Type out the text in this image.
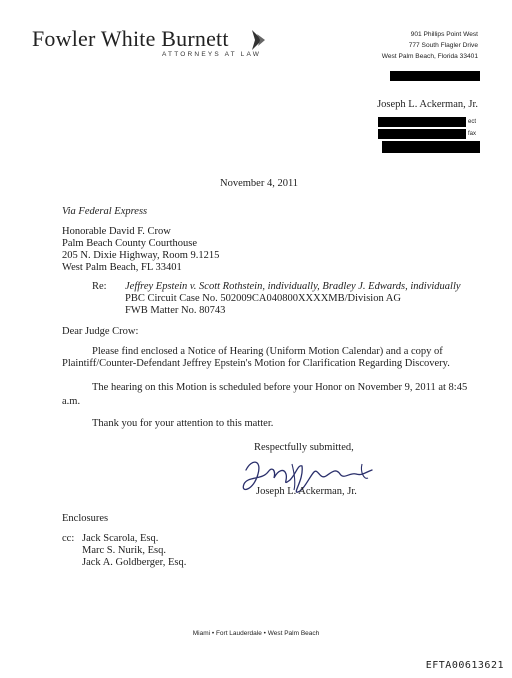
Fowler White Burnett
ATTORNEYS AT LAW
901 Phillips Point West
777 South Flagler Drive
West Palm Beach, Florida 33401
Joseph L. Ackerman, Jr.
ect
fax
November 4, 2011
Via Federal Express
Honorable David F. Crow
Palm Beach County Courthouse
205 N. Dixie Highway, Room 9.1215
West Palm Beach, FL 33401
Re: Jeffrey Epstein v. Scott Rothstein, individually, Bradley J. Edwards, individually
PBC Circuit Case No. 502009CA040800XXXXMB/Division AG
FWB Matter No. 80743
Dear Judge Crow:
Please find enclosed a Notice of Hearing (Uniform Motion Calendar) and a copy of
Plaintiff/Counter-Defendant Jeffrey Epstein's Motion for Clarification Regarding Discovery.
The hearing on this Motion is scheduled before your Honor on November 9, 2011 at 8:45
a.m.
Thank you for your attention to this matter.
Respectfully submitted,
Joseph L. Ackerman, Jr.
Enclosures
cc: Jack Scarola, Esq.
Marc S. Nurik, Esq.
Jack A. Goldberger, Esq.
Miami • Fort Lauderdale • West Palm Beach
EFTA00613621
